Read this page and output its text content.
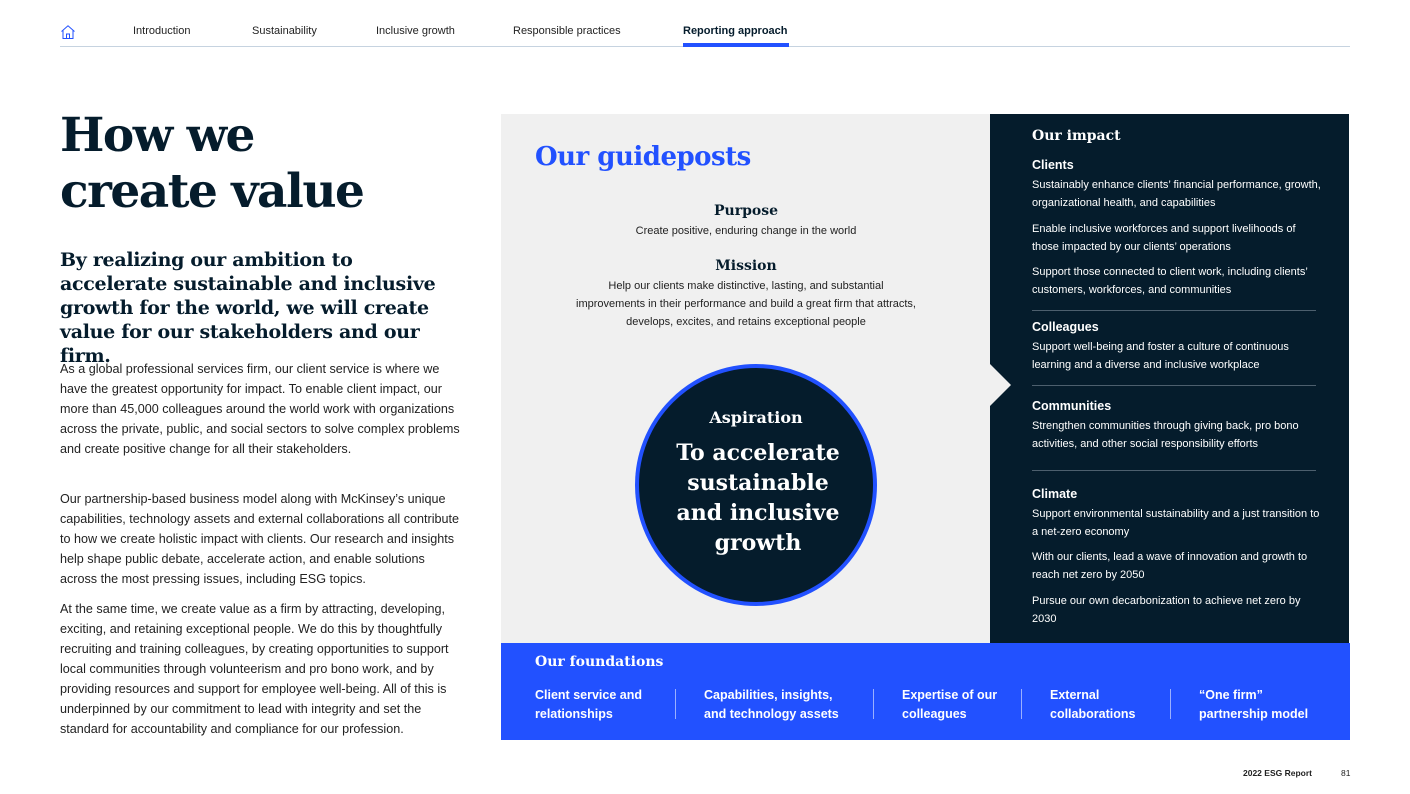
Introduction	Sustainability	Inclusive growth	Responsible practices	Reporting approach
How we
create value

By realizing our ambition to accelerate sustainable and inclusive growth for the world, we will create value for our stakeholders and our firm.

As a global professional services firm, our client service is where we have the greatest opportunity for impact. To enable client impact, our more than 45,000 colleagues around the world work with organizations across the private, public, and social sectors to solve complex problems and create positive change for all their stakeholders.

Our partnership-based business model along with McKinsey’s unique capabilities, technology assets and external collaborations all contribute to how we create holistic impact with clients. Our research and insights help shape public debate, accelerate action, and enable solutions across the most pressing issues, including ESG topics.

At the same time, we create value as a firm by attracting, developing, exciting, and retaining exceptional people. We do this by thoughtfully recruiting and training colleagues, by creating opportunities to support local communities through volunteerism and pro bono work, and by providing resources and support for employee well-being. All of this is underpinned by our commitment to lead with integrity and set the standard for accountability and compliance for our profession.

Our guideposts
Purpose
Create positive, enduring change in the world
Mission
Help our clients make distinctive, lasting, and substantial improvements in their performance and build a great firm that attracts, develops, excites, and retains exceptional people
Aspiration
To accelerate sustainable and inclusive growth
Our impact
Clients
Sustainably enhance clients’ financial performance, growth, organizational health, and capabilities
Enable inclusive workforces and support livelihoods of those impacted by our clients’ operations
Support those connected to client work, including clients’ customers, workforces, and communities
Colleagues
Support well-being and foster a culture of continuous learning and a diverse and inclusive workplace
Communities
Strengthen communities through giving back, pro bono activities, and other social responsibility efforts
Climate
Support environmental sustainability and a just transition to a net-zero economy
With our clients, lead a wave of innovation and growth to reach net zero by 2050
Pursue our own decarbonization to achieve net zero by 2030
Our foundations
Client service and relationships
Capabilities, insights, and technology assets
Expertise of our colleagues
External collaborations
“One firm” partnership model
2022 ESG Report	81
